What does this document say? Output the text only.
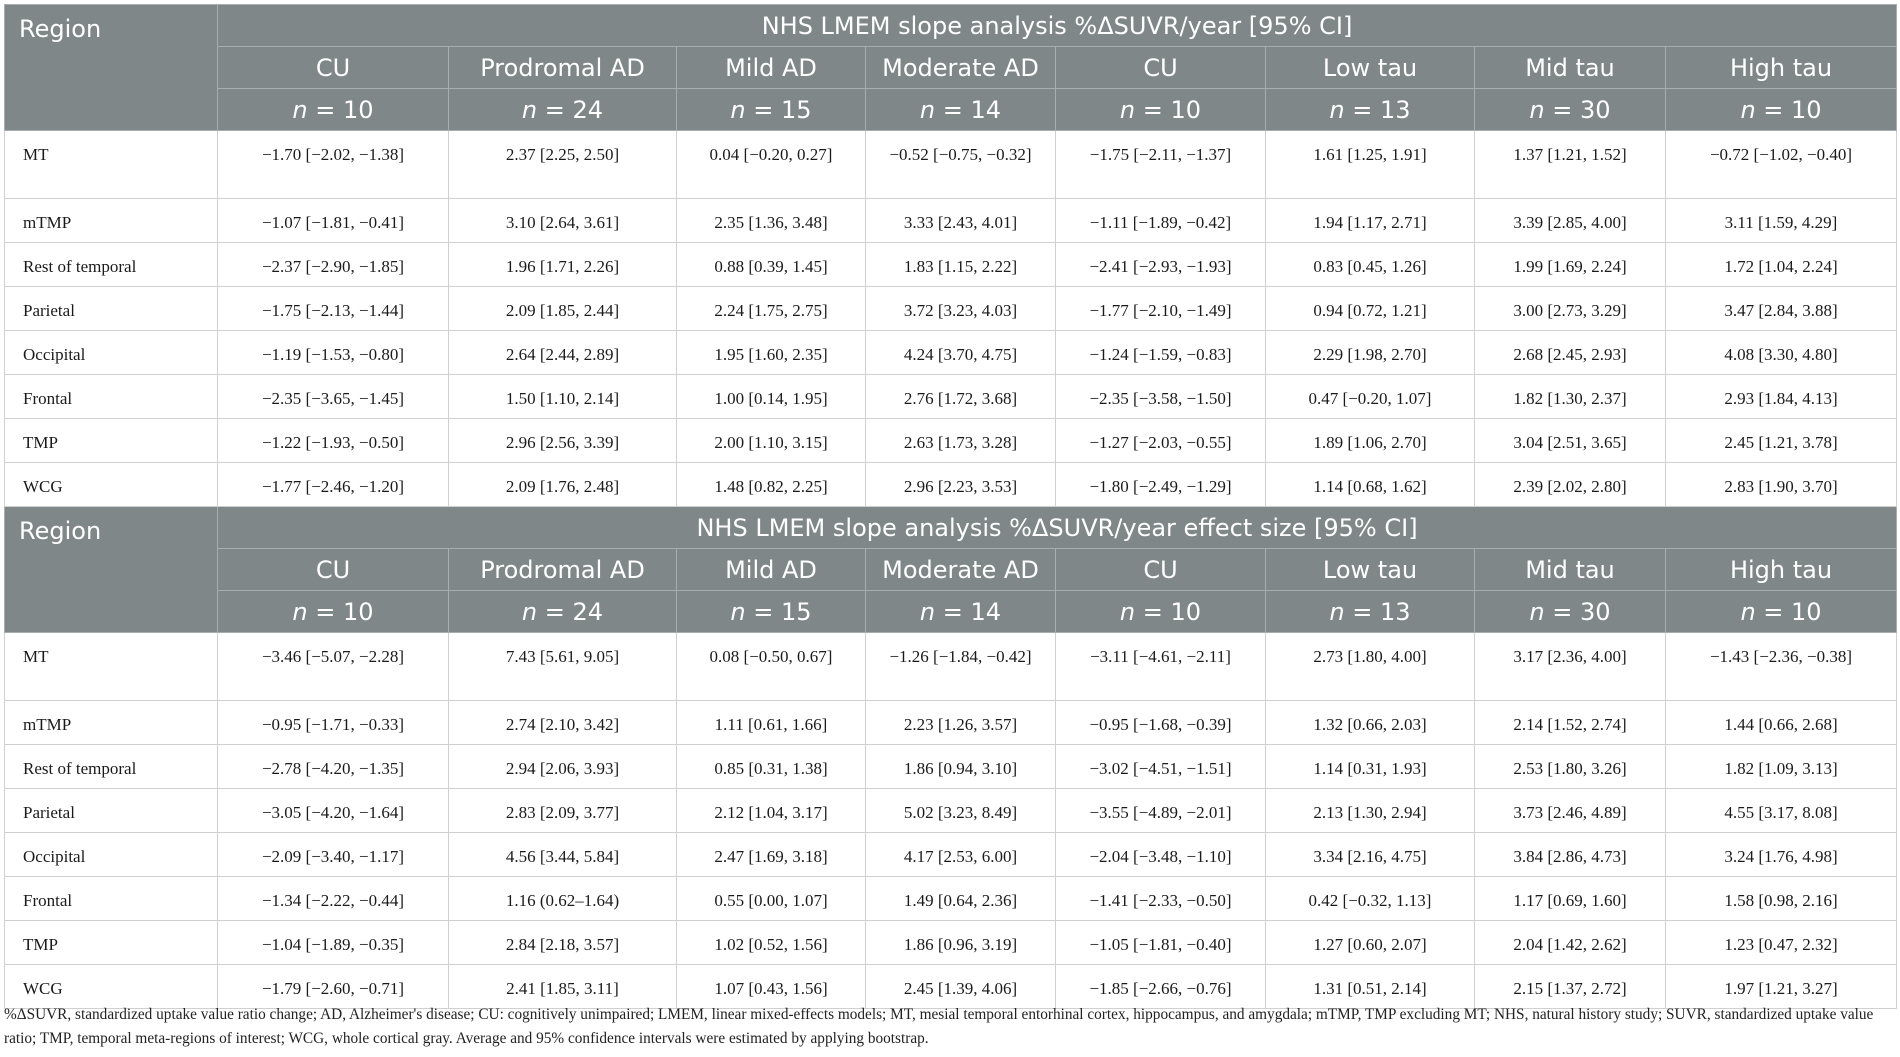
Region	NHS LMEM slope analysis %ΔSUVR/year [95% CI]							
	CU	Prodromal AD	Mild AD	Moderate AD	CU	Low tau	Mid tau	High tau
	n = 10	n = 24	n = 15	n = 14	n = 10	n = 13	n = 30	n = 10
MT	−1.70 [−2.02, −1.38]	2.37 [2.25, 2.50]	0.04 [−0.20, 0.27]	−0.52 [−0.75, −0.32]	−1.75 [−2.11, −1.37]	1.61 [1.25, 1.91]	1.37 [1.21, 1.52]	−0.72 [−1.02, −0.40]
mTMP	−1.07 [−1.81, −0.41]	3.10 [2.64, 3.61]	2.35 [1.36, 3.48]	3.33 [2.43, 4.01]	−1.11 [−1.89, −0.42]	1.94 [1.17, 2.71]	3.39 [2.85, 4.00]	3.11 [1.59, 4.29]
Rest of temporal	−2.37 [−2.90, −1.85]	1.96 [1.71, 2.26]	0.88 [0.39, 1.45]	1.83 [1.15, 2.22]	−2.41 [−2.93, −1.93]	0.83 [0.45, 1.26]	1.99 [1.69, 2.24]	1.72 [1.04, 2.24]
Parietal	−1.75 [−2.13, −1.44]	2.09 [1.85, 2.44]	2.24 [1.75, 2.75]	3.72 [3.23, 4.03]	−1.77 [−2.10, −1.49]	0.94 [0.72, 1.21]	3.00 [2.73, 3.29]	3.47 [2.84, 3.88]
Occipital	−1.19 [−1.53, −0.80]	2.64 [2.44, 2.89]	1.95 [1.60, 2.35]	4.24 [3.70, 4.75]	−1.24 [−1.59, −0.83]	2.29 [1.98, 2.70]	2.68 [2.45, 2.93]	4.08 [3.30, 4.80]
Frontal	−2.35 [−3.65, −1.45]	1.50 [1.10, 2.14]	1.00 [0.14, 1.95]	2.76 [1.72, 3.68]	−2.35 [−3.58, −1.50]	0.47 [−0.20, 1.07]	1.82 [1.30, 2.37]	2.93 [1.84, 4.13]
TMP	−1.22 [−1.93, −0.50]	2.96 [2.56, 3.39]	2.00 [1.10, 3.15]	2.63 [1.73, 3.28]	−1.27 [−2.03, −0.55]	1.89 [1.06, 2.70]	3.04 [2.51, 3.65]	2.45 [1.21, 3.78]
WCG	−1.77 [−2.46, −1.20]	2.09 [1.76, 2.48]	1.48 [0.82, 2.25]	2.96 [2.23, 3.53]	−1.80 [−2.49, −1.29]	1.14 [0.68, 1.62]	2.39 [2.02, 2.80]	2.83 [1.90, 3.70]
Region	NHS LMEM slope analysis %ΔSUVR/year effect size [95% CI]							
	CU	Prodromal AD	Mild AD	Moderate AD	CU	Low tau	Mid tau	High tau
	n = 10	n = 24	n = 15	n = 14	n = 10	n = 13	n = 30	n = 10
MT	−3.46 [−5.07, −2.28]	7.43 [5.61, 9.05]	0.08 [−0.50, 0.67]	−1.26 [−1.84, −0.42]	−3.11 [−4.61, −2.11]	2.73 [1.80, 4.00]	3.17 [2.36, 4.00]	−1.43 [−2.36, −0.38]
mTMP	−0.95 [−1.71, −0.33]	2.74 [2.10, 3.42]	1.11 [0.61, 1.66]	2.23 [1.26, 3.57]	−0.95 [−1.68, −0.39]	1.32 [0.66, 2.03]	2.14 [1.52, 2.74]	1.44 [0.66, 2.68]
Rest of temporal	−2.78 [−4.20, −1.35]	2.94 [2.06, 3.93]	0.85 [0.31, 1.38]	1.86 [0.94, 3.10]	−3.02 [−4.51, −1.51]	1.14 [0.31, 1.93]	2.53 [1.80, 3.26]	1.82 [1.09, 3.13]
Parietal	−3.05 [−4.20, −1.64]	2.83 [2.09, 3.77]	2.12 [1.04, 3.17]	5.02 [3.23, 8.49]	−3.55 [−4.89, −2.01]	2.13 [1.30, 2.94]	3.73 [2.46, 4.89]	4.55 [3.17, 8.08]
Occipital	−2.09 [−3.40, −1.17]	4.56 [3.44, 5.84]	2.47 [1.69, 3.18]	4.17 [2.53, 6.00]	−2.04 [−3.48, −1.10]	3.34 [2.16, 4.75]	3.84 [2.86, 4.73]	3.24 [1.76, 4.98]
Frontal	−1.34 [−2.22, −0.44]	1.16 (0.62–1.64)	0.55 [0.00, 1.07]	1.49 [0.64, 2.36]	−1.41 [−2.33, −0.50]	0.42 [−0.32, 1.13]	1.17 [0.69, 1.60]	1.58 [0.98, 2.16]
TMP	−1.04 [−1.89, −0.35]	2.84 [2.18, 3.57]	1.02 [0.52, 1.56]	1.86 [0.96, 3.19]	−1.05 [−1.81, −0.40]	1.27 [0.60, 2.07]	2.04 [1.42, 2.62]	1.23 [0.47, 2.32]
WCG	−1.79 [−2.60, −0.71]	2.41 [1.85, 3.11]	1.07 [0.43, 1.56]	2.45 [1.39, 4.06]	−1.85 [−2.66, −0.76]	1.31 [0.51, 2.14]	2.15 [1.37, 2.72]	1.97 [1.21, 3.27]
%ΔSUVR, standardized uptake value ratio change; AD, Alzheimer's disease; CU: cognitively unimpaired; LMEM, linear mixed-effects models; MT, mesial temporal entorhinal cortex, hippocampus, and amygdala; mTMP, TMP excluding MT; NHS, natural history study; SUVR, standardized uptake value ratio; TMP, temporal meta-regions of interest; WCG, whole cortical gray. Average and 95% confidence intervals were estimated by applying bootstrap.
